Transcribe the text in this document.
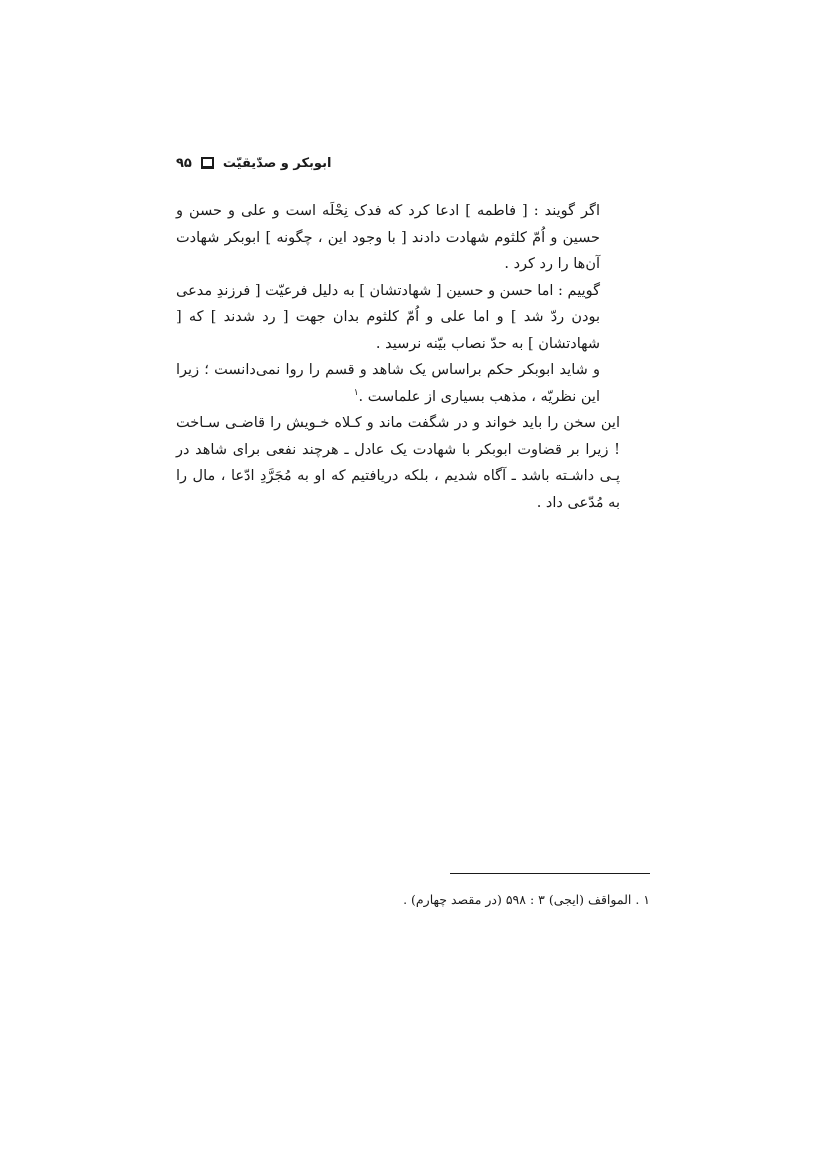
ابوبکر و صدّیقیّت
۹۵

اگر گویند : [ فاطمه ] ادعا کرد که فدک نِحْلَه است و علی و حسن و حسین و اُمّ کلثوم شهادت دادند [ با وجود این ، چگونه ] ابوبکر شهادت آن‌ها را رد کرد .

گوییم : اما حسن و حسین [ شهادتشان ] به دلیل فرعیّت [ فرزندِ مدعی بودن ردّ شد ] و اما علی و اُمّ کلثوم بدان جهت [ رد شدند ] که [ شهادتشان ] به حدّ نصاب بیّنه نرسید .

و شاید ابوبکر حکم براساس یک شاهد و قسم را روا نمی‌دانست ؛ زیرا این نظریّه ، مذهب بسیاری از علماست .$^۱$

این سخن را باید خواند و در شگفت ماند و کـلاه خـویش را قاضـی سـاخت ! زیرا بر قضاوت ابوبکر با شهادت یک عادل ـ هرچند نفعی برای شاهد در پـی داشـته باشد ـ آگاه شدیم ، بلکه دریافتیم که او به مُجَرَّدِ ادّعا ، مال را به مُدّعی داد .

۱ . المواقف (ایجی) ۳ : ۵۹۸ (در مقصد چهارم) .
